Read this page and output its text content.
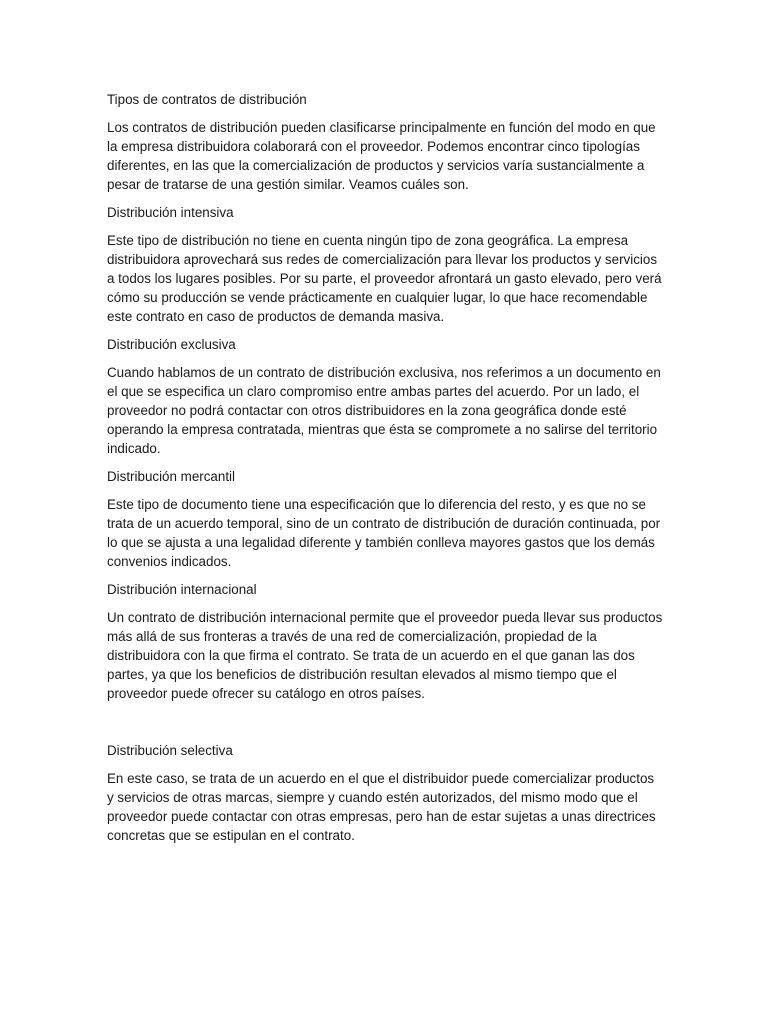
Tipos de contratos de distribución

Los contratos de distribución pueden clasificarse principalmente en función del modo en que la empresa distribuidora colaborará con el proveedor. Podemos encontrar cinco tipologías diferentes, en las que la comercialización de productos y servicios varía sustancialmente a pesar de tratarse de una gestión similar. Veamos cuáles son.

Distribución intensiva

Este tipo de distribución no tiene en cuenta ningún tipo de zona geográfica. La empresa distribuidora aprovechará sus redes de comercialización para llevar los productos y servicios a todos los lugares posibles. Por su parte, el proveedor afrontará un gasto elevado, pero verá cómo su producción se vende prácticamente en cualquier lugar, lo que hace recomendable este contrato en caso de productos de demanda masiva.

Distribución exclusiva

Cuando hablamos de un contrato de distribución exclusiva, nos referimos a un documento en el que se especifica un claro compromiso entre ambas partes del acuerdo. Por un lado, el proveedor no podrá contactar con otros distribuidores en la zona geográfica donde esté operando la empresa contratada, mientras que ésta se compromete a no salirse del territorio indicado.

Distribución mercantil

Este tipo de documento tiene una especificación que lo diferencia del resto, y es que no se trata de un acuerdo temporal, sino de un contrato de distribución de duración continuada, por lo que se ajusta a una legalidad diferente y también conlleva mayores gastos que los demás convenios indicados.

Distribución internacional

Un contrato de distribución internacional permite que el proveedor pueda llevar sus productos más allá de sus fronteras a través de una red de comercialización, propiedad de la distribuidora con la que firma el contrato. Se trata de un acuerdo en el que ganan las dos partes, ya que los beneficios de distribución resultan elevados al mismo tiempo que el proveedor puede ofrecer su catálogo en otros países.

Distribución selectiva

En este caso, se trata de un acuerdo en el que el distribuidor puede comercializar productos y servicios de otras marcas, siempre y cuando estén autorizados, del mismo modo que el proveedor puede contactar con otras empresas, pero han de estar sujetas a unas directrices concretas que se estipulan en el contrato.
